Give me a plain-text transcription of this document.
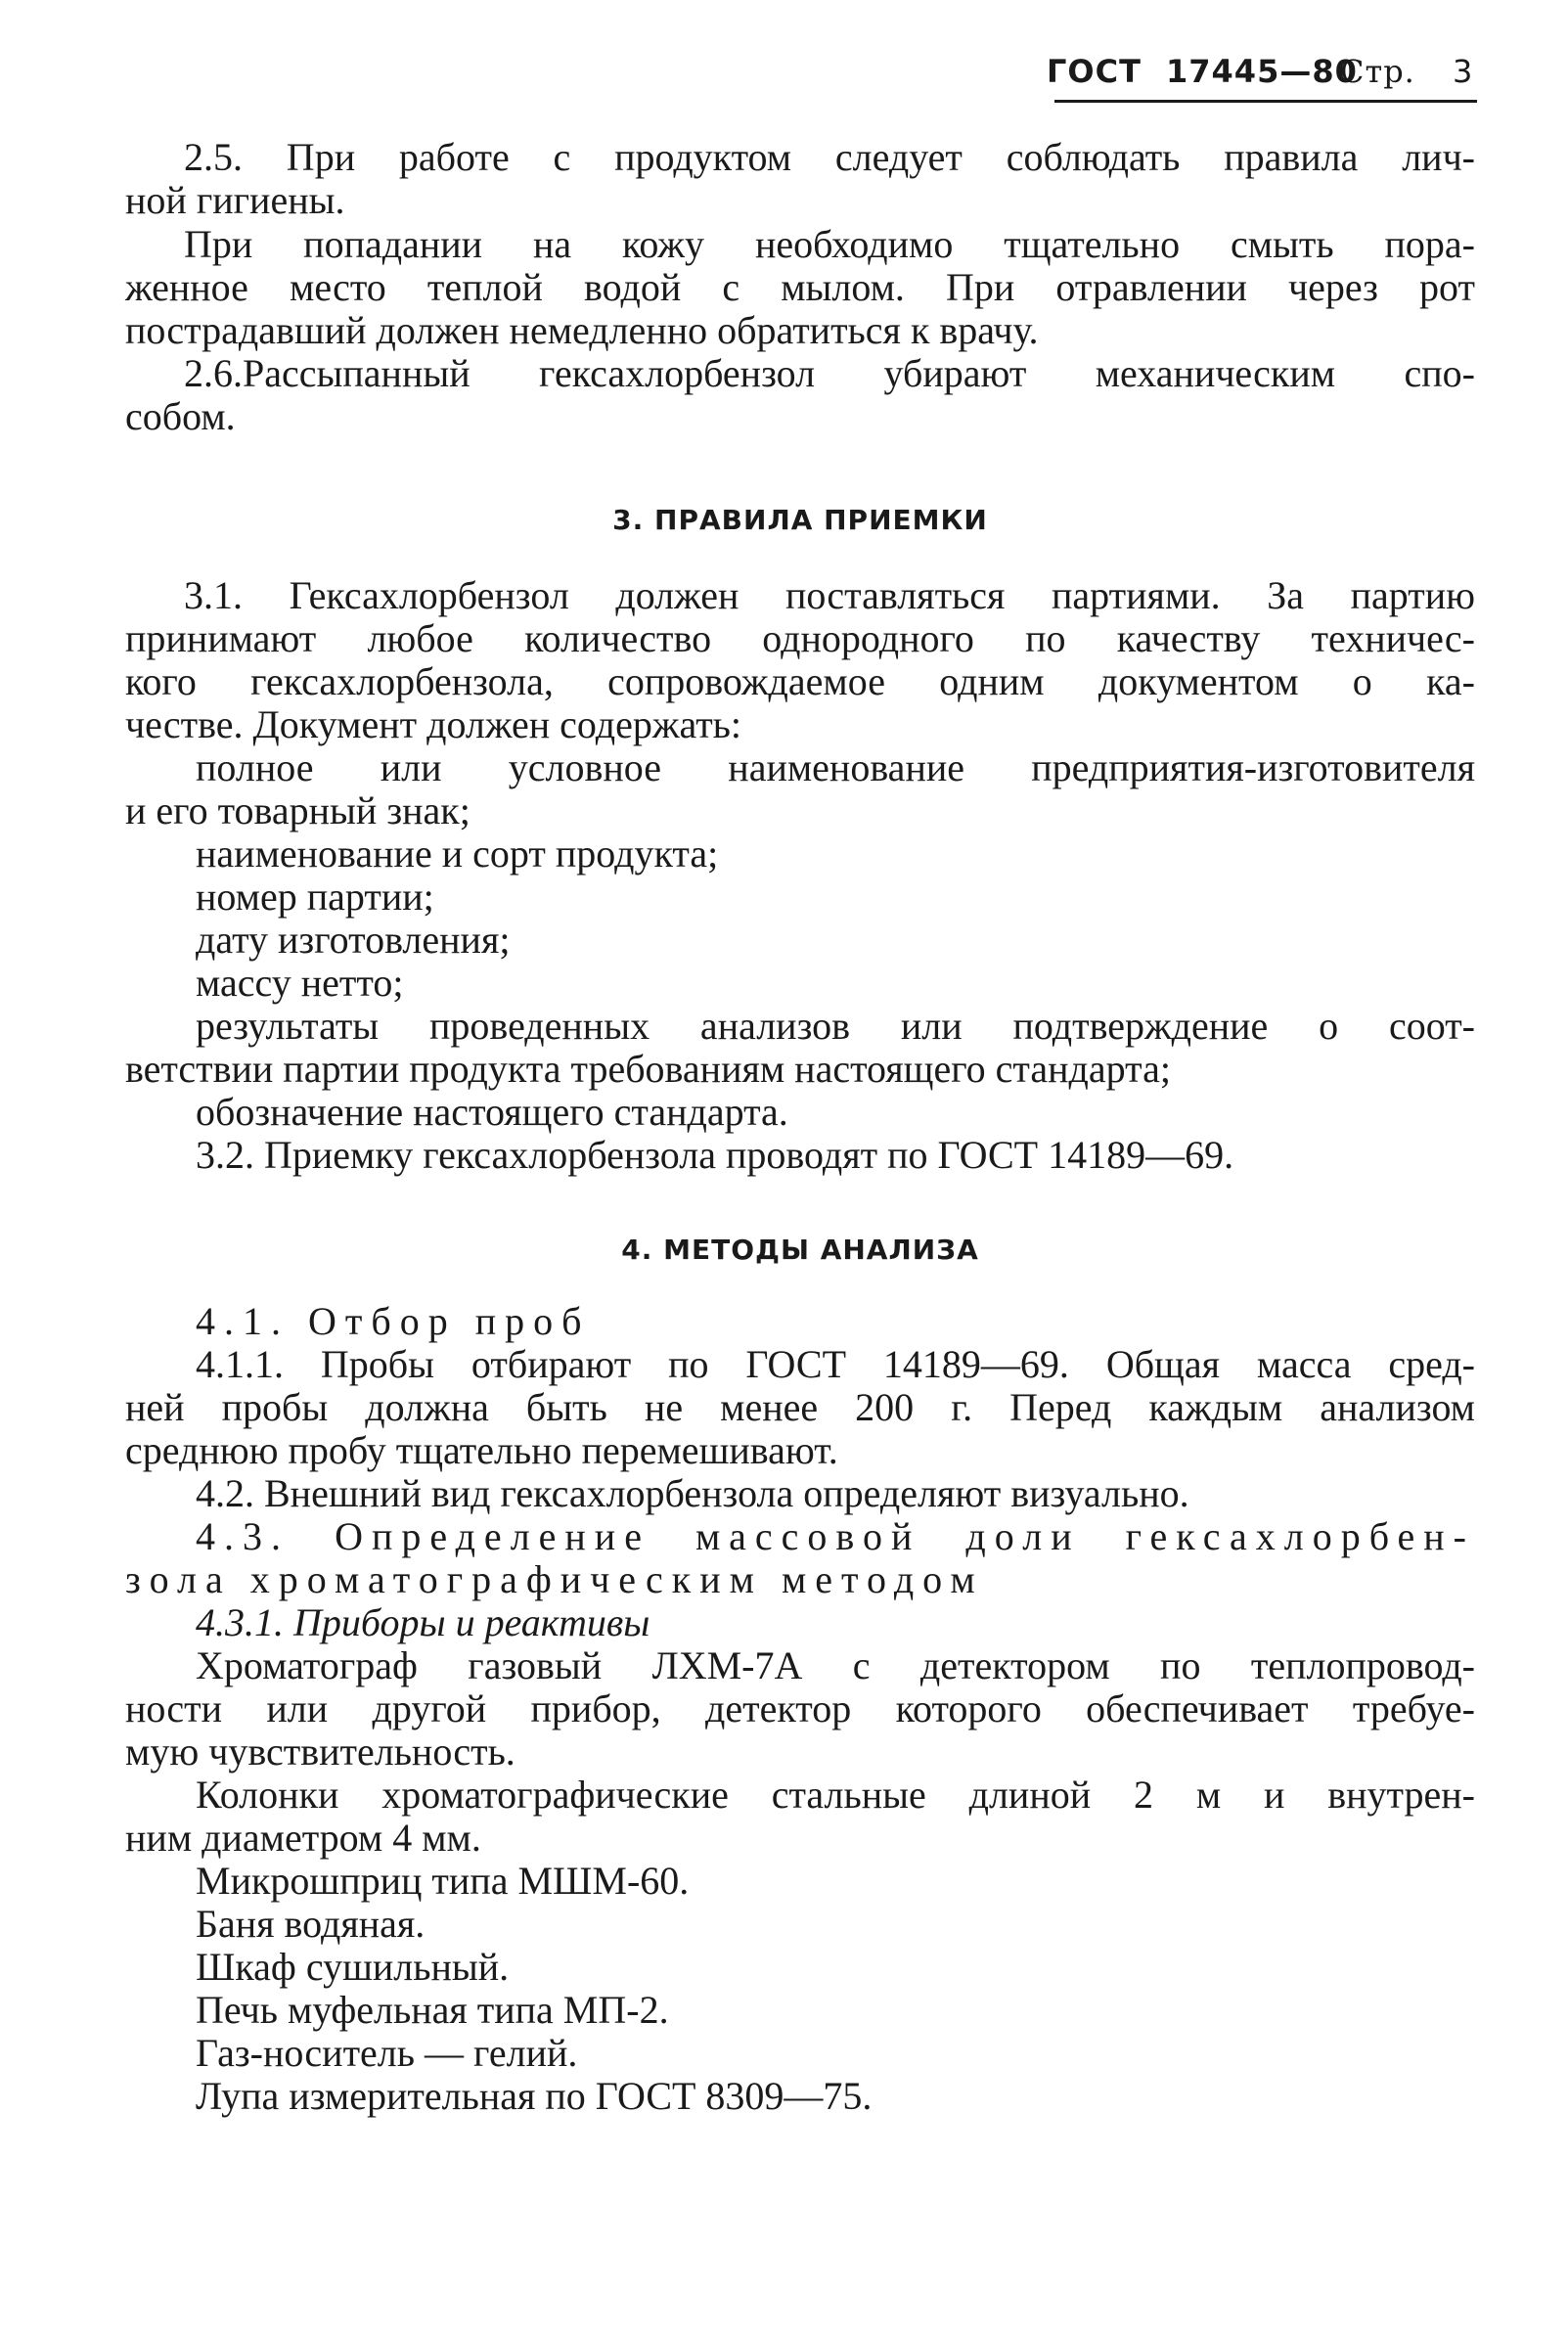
ГОСТ 17445—80
Стр. 3
2.5. При работе с продуктом следует соблюдать правила лич-
ной гигиены.
При попадании на кожу необходимо тщательно смыть пора-
женное место теплой водой с мылом. При отравлении через рот
пострадавший должен немедленно обратиться к врачу.
2.6.Рассыпанный гексахлорбензол убирают механическим спо-
собом.
3. ПРАВИЛА ПРИЕМКИ
3.1. Гексахлорбензол должен поставляться партиями. За партию
принимают любое количество однородного по качеству техничес-
кого гексахлорбензола, сопровождаемое одним документом о ка-
честве. Документ должен содержать:
полное или условное наименование предприятия-изготовителя
и его товарный знак;
наименование и сорт продукта;
номер партии;
дату изготовления;
массу нетто;
результаты проведенных анализов или подтверждение о соот-
ветствии партии продукта требованиям настоящего стандарта;
обозначение настоящего стандарта.
3.2. Приемку гексахлорбензола проводят по ГОСТ 14189—69.
4. МЕТОДЫ АНАЛИЗА
4.1. Отбор проб
4.1.1. Пробы отбирают по ГОСТ 14189—69. Общая масса сред-
ней пробы должна быть не менее 200 г. Перед каждым анализом
среднюю пробу тщательно перемешивают.
4.2. Внешний вид гексахлорбензола определяют визуально.
4.3. Определение массовой доли гексахлорбен-
зола хроматографическим методом
4.3.1. Приборы и реактивы
Хроматограф газовый ЛХМ-7А с детектором по теплопровод-
ности или другой прибор, детектор которого обеспечивает требуе-
мую чувствительность.
Колонки хроматографические стальные длиной 2 м и внутрен-
ним диаметром 4 мм.
Микрошприц типа МШМ-60.
Баня водяная.
Шкаф сушильный.
Печь муфельная типа МП-2.
Газ-носитель — гелий.
Лупа измерительная по ГОСТ 8309—75.
